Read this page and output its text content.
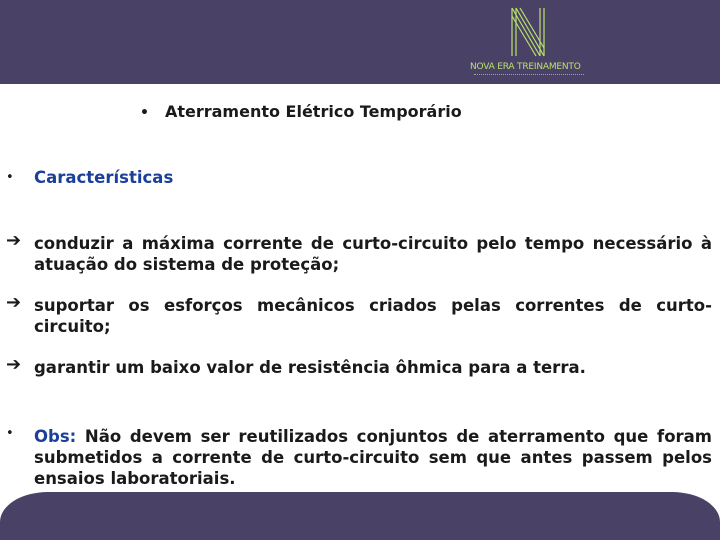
NOVA ERA TREINAMENTO
• Aterramento Elétrico Temporário
• Características
➔ conduzir a máxima corrente de curto-circuito pelo tempo necessário à atuação do sistema de proteção;
➔ suportar os esforços mecânicos criados pelas correntes de curto-circuito;
➔ garantir um baixo valor de resistência ôhmica para a terra.
• Obs: Não devem ser reutilizados conjuntos de aterramento que foram submetidos a corrente de curto-circuito sem que antes passem pelos ensaios laboratoriais.
